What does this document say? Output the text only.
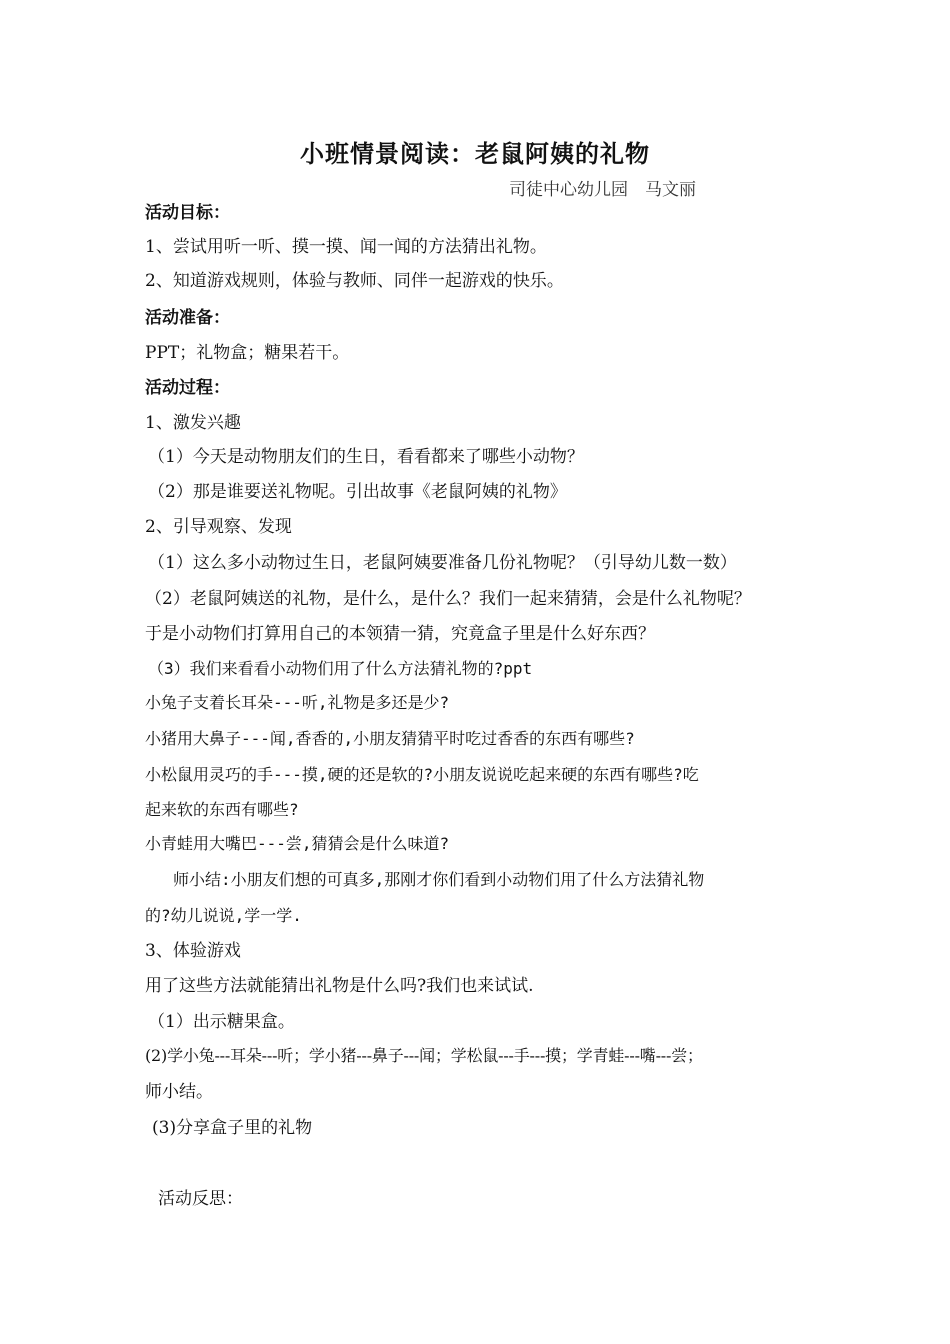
小班情景阅读：老鼠阿姨的礼物
司徒中心幼儿园　马文丽
活动目标：
1、尝试用听一听、摸一摸、闻一闻的方法猜出礼物。
2、知道游戏规则，体验与教师、同伴一起游戏的快乐。
活动准备：
PPT；礼物盒；糖果若干。
活动过程：
1、激发兴趣
（1）今天是动物朋友们的生日，看看都来了哪些小动物？
（2）那是谁要送礼物呢。引出故事《老鼠阿姨的礼物》
2、引导观察、发现
（1）这么多小动物过生日，老鼠阿姨要准备几份礼物呢？（引导幼儿数一数）
（2）老鼠阿姨送的礼物，是什么，是什么？我们一起来猜猜，会是什么礼物呢？
于是小动物们打算用自己的本领猜一猜，究竟盒子里是什么好东西？
（3）我们来看看小动物们用了什么方法猜礼物的?ppt
小兔子支着长耳朵---听,礼物是多还是少?
小猪用大鼻子---闻,香香的,小朋友猜猜平时吃过香香的东西有哪些?
小松鼠用灵巧的手---摸,硬的还是软的?小朋友说说吃起来硬的东西有哪些?吃
起来软的东西有哪些?
小青蛙用大嘴巴---尝,猜猜会是什么味道?
师小结:小朋友们想的可真多,那刚才你们看到小动物们用了什么方法猜礼物
的?幼儿说说,学一学.
3、体验游戏
用了这些方法就能猜出礼物是什么吗?我们也来试试.
（1）出示糖果盒。
(2)学小兔---耳朵---听；学小猪---鼻子---闻；学松鼠---手---摸；学青蛙---嘴---尝；
师小结。
(3)分享盒子里的礼物
活动反思：
